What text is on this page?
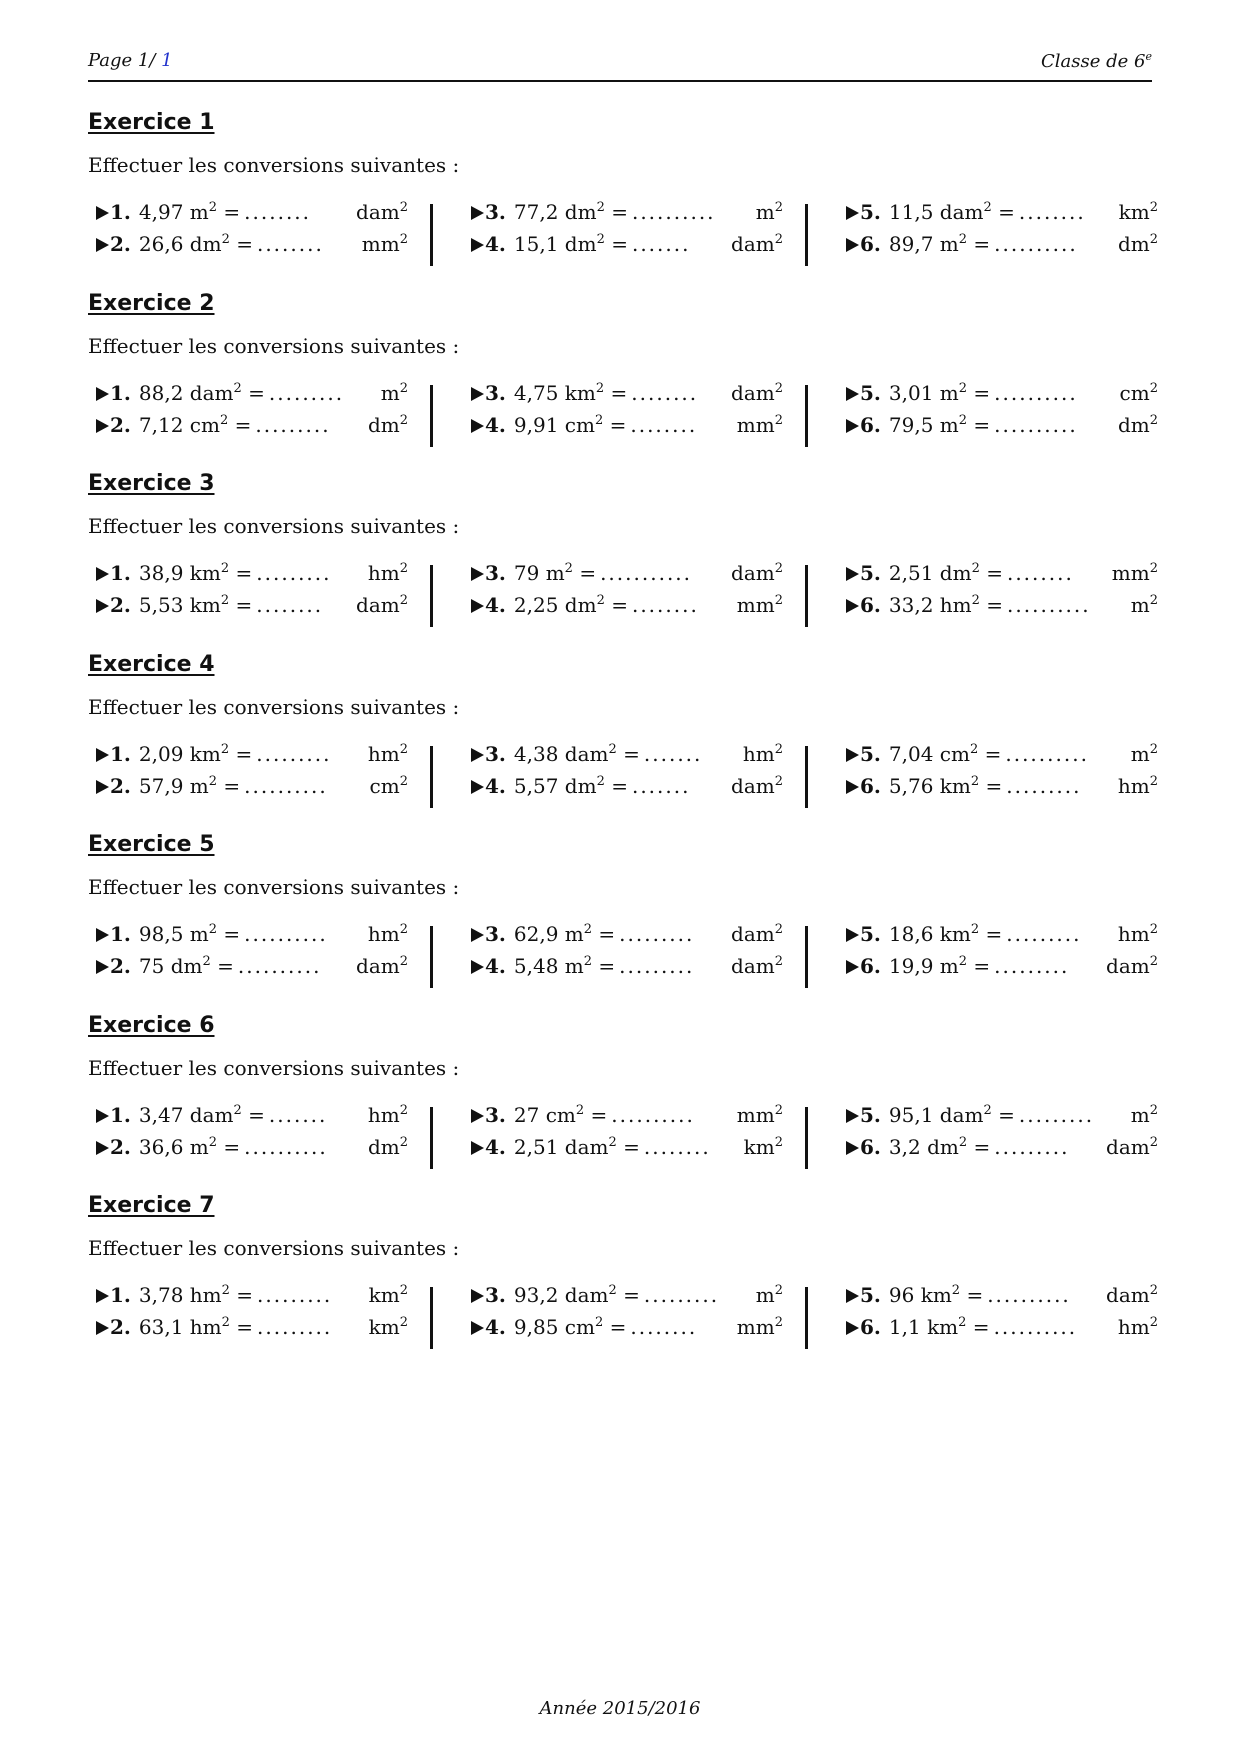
Page 1/ 1	Classe de 6e
Exercice 1
Effectuer les conversions suivantes :
1. 4,97 $m^2$ = ........ dam$^2$
2. 26,6 $dm^2$ = ........ $mm^2$
3. 77,2 $dm^2$ = .......... $m^2$
4. 15,1 $dm^2$ = ....... dam$^2$
5. 11,5 dam$^2$ = ........ $km^2$
6. 89,7 $m^2$ = .......... $dm^2$
Exercice 2
Effectuer les conversions suivantes :
1. 88,2 dam$^2$ = ......... $m^2$
2. 7,12 $cm^2$ = ......... $dm^2$
3. 4,75 $km^2$ = ........ dam$^2$
4. 9,91 $cm^2$ = ........ $mm^2$
5. 3,01 $m^2$ = .......... $cm^2$
6. 79,5 $m^2$ = .......... $dm^2$
Exercice 3
Effectuer les conversions suivantes :
1. 38,9 $km^2$ = ......... $hm^2$
2. 5,53 $km^2$ = ........ dam$^2$
3. 79 $m^2$ = ........... dam$^2$
4. 2,25 $dm^2$ = ........ $mm^2$
5. 2,51 $dm^2$ = ........ $mm^2$
6. 33,2 $hm^2$ = .......... $m^2$
Exercice 4
Effectuer les conversions suivantes :
1. 2,09 $km^2$ = ......... $hm^2$
2. 57,9 $m^2$ = .......... $cm^2$
3. 4,38 dam$^2$ = ....... $hm^2$
4. 5,57 $dm^2$ = ....... dam$^2$
5. 7,04 $cm^2$ = .......... $m^2$
6. 5,76 $km^2$ = ......... $hm^2$
Exercice 5
Effectuer les conversions suivantes :
1. 98,5 $m^2$ = .......... $hm^2$
2. 75 $dm^2$ = .......... dam$^2$
3. 62,9 $m^2$ = ......... dam$^2$
4. 5,48 $m^2$ = ......... dam$^2$
5. 18,6 $km^2$ = ......... $hm^2$
6. 19,9 $m^2$ = ......... dam$^2$
Exercice 6
Effectuer les conversions suivantes :
1. 3,47 dam$^2$ = ....... $hm^2$
2. 36,6 $m^2$ = .......... $dm^2$
3. 27 $cm^2$ = .......... $mm^2$
4. 2,51 dam$^2$ = ........ $km^2$
5. 95,1 dam$^2$ = ......... $m^2$
6. 3,2 $dm^2$ = ......... dam$^2$
Exercice 7
Effectuer les conversions suivantes :
1. 3,78 $hm^2$ = ......... $km^2$
2. 63,1 $hm^2$ = ......... $km^2$
3. 93,2 dam$^2$ = ......... $m^2$
4. 9,85 $cm^2$ = ........ $mm^2$
5. 96 $km^2$ = .......... dam$^2$
6. 1,1 $km^2$ = .......... $hm^2$
Année 2015/2016
